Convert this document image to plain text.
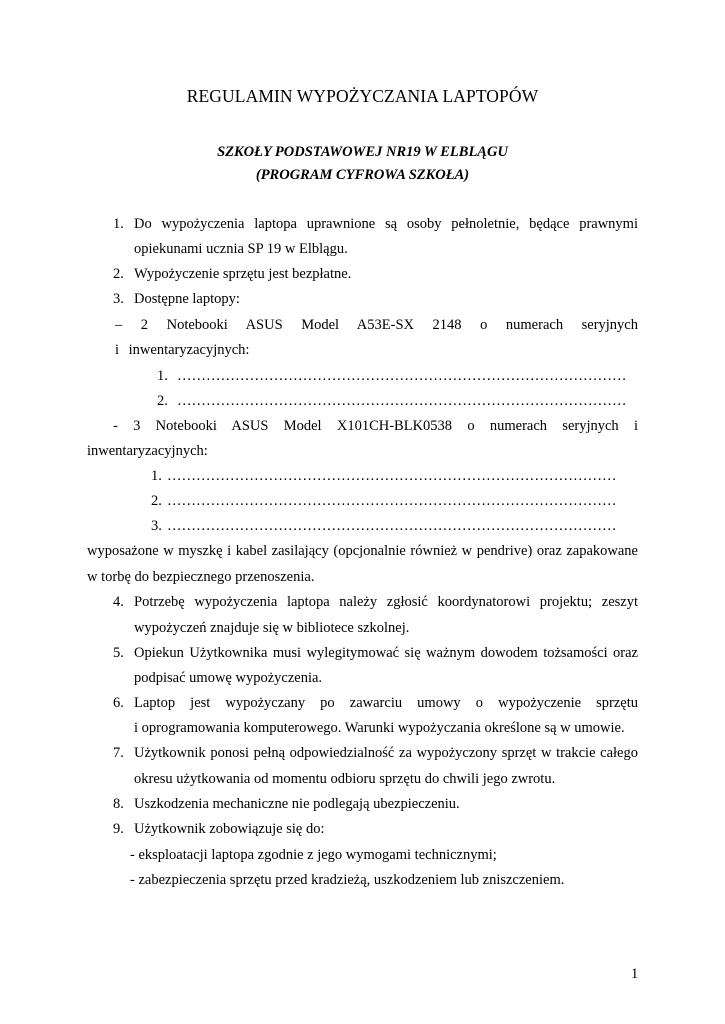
REGULAMIN WYPOŻYCZANIA LAPTOPÓW
SZKOŁY PODSTAWOWEJ NR19 W ELBLĄGU
(PROGRAM CYFROWA SZKOŁA)
1. Do wypożyczenia laptopa uprawnione są osoby pełnoletnie, będące prawnymi
opiekunami ucznia SP 19 w Elblągu.
2. Wypożyczenie sprzętu jest bezpłatne.
3. Dostępne laptopy:
– 2 Notebooki ASUS Model A53E-SX 2148 o numerach seryjnych
i inwentaryzacyjnych:
1. …………………………………………………………………………………
2. …………………………………………………………………………………
- 3 Notebooki ASUS Model X101CH-BLK0538 o numerach seryjnych i
inwentaryzacyjnych:
1. …………………………………………………………………………………
2. …………………………………………………………………………………
3. …………………………………………………………………………………
wyposażone w myszkę i kabel zasilający (opcjonalnie również w pendrive) oraz zapakowane
w torbę do bezpiecznego przenoszenia.
4. Potrzebę wypożyczenia laptopa należy zgłosić koordynatorowi projektu; zeszyt
wypożyczeń znajduje się w bibliotece szkolnej.
5. Opiekun Użytkownika musi wylegitymować się ważnym dowodem tożsamości oraz
podpisać umowę wypożyczenia.
6. Laptop jest wypożyczany po zawarciu umowy o wypożyczenie sprzętu
i oprogramowania komputerowego. Warunki wypożyczania określone są w umowie.
7. Użytkownik ponosi pełną odpowiedzialność za wypożyczony sprzęt w trakcie całego
okresu użytkowania od momentu odbioru sprzętu do chwili jego zwrotu.
8. Uszkodzenia mechaniczne nie podlegają ubezpieczeniu.
9. Użytkownik zobowiązuje się do:
- eksploatacji laptopa zgodnie z jego wymogami technicznymi;
- zabezpieczenia sprzętu przed kradzieżą, uszkodzeniem lub zniszczeniem.
1
